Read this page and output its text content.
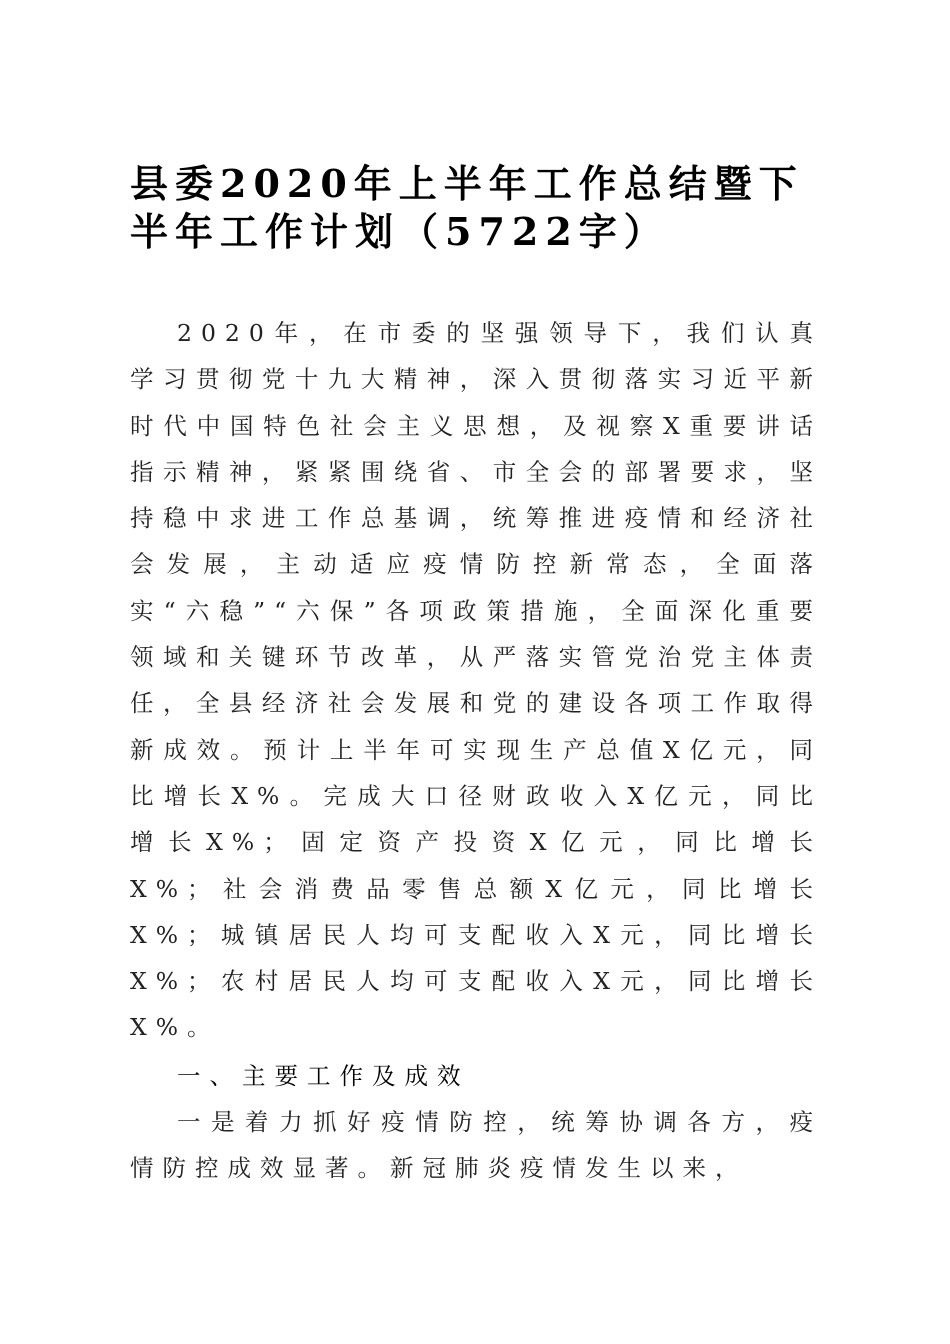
县委2020年上半年工作总结暨下
半年工作计划（5722字）

2020年，在市委的坚强领导下，我们认真学习贯彻党十九大精神，深入贯彻落实习近平新时代中国特色社会主义思想，及视察X重要讲话指示精神，紧紧围绕省、市全会的部署要求，坚持稳中求进工作总基调，统筹推进疫情和经济社会发展，主动适应疫情防控新常态，全面落实“六稳”“六保”各项政策措施，全面深化重要领域和关键环节改革，从严落实管党治党主体责任，全县经济社会发展和党的建设各项工作取得新成效。预计上半年可实现生产总值X亿元，同比增长X%。完成大口径财政收入X亿元，同比增长X%；固定资产投资X亿元，同比增长X%；社会消费品零售总额X亿元，同比增长X%；城镇居民人均可支配收入X元，同比增长X%；农村居民人均可支配收入X元，同比增长X%。

一、主要工作及成效

一是着力抓好疫情防控，统筹协调各方，疫情防控成效显著。新冠肺炎疫情发生以来，
